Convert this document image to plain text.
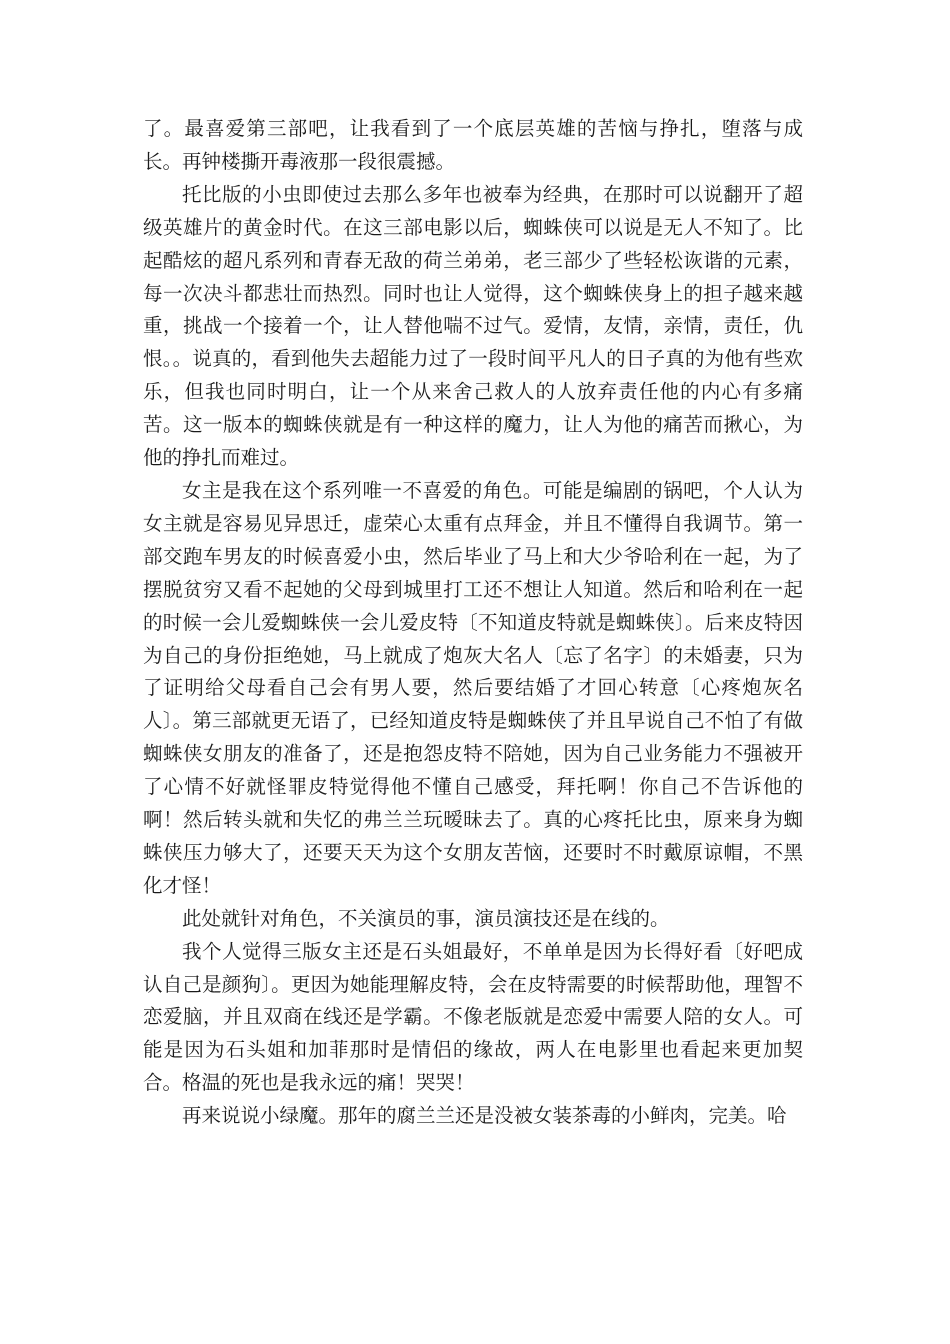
了。最喜爱第三部吧，让我看到了一个底层英雄的苦恼与挣扎，堕落与成长。再钟楼撕开毒液那一段很震撼。

托比版的小虫即使过去那么多年也被奉为经典，在那时可以说翻开了超级英雄片的黄金时代。在这三部电影以后，蜘蛛侠可以说是无人不知了。比起酷炫的超凡系列和青春无敌的荷兰弟弟，老三部少了些轻松诙谐的元素，每一次决斗都悲壮而热烈。同时也让人觉得，这个蜘蛛侠身上的担子越来越重，挑战一个接着一个，让人替他喘不过气。爱情，友情，亲情，责任，仇恨。。说真的，看到他失去超能力过了一段时间平凡人的日子真的为他有些欢乐，但我也同时明白，让一个从来舍己救人的人放弃责任他的内心有多痛苦。这一版本的蜘蛛侠就是有一种这样的魔力，让人为他的痛苦而揪心，为他的挣扎而难过。

女主是我在这个系列唯一不喜爱的角色。可能是编剧的锅吧，个人认为女主就是容易见异思迁，虚荣心太重有点拜金，并且不懂得自我调节。第一部交跑车男友的时候喜爱小虫，然后毕业了马上和大少爷哈利在一起，为了摆脱贫穷又看不起她的父母到城里打工还不想让人知道。然后和哈利在一起的时候一会儿爱蜘蛛侠一会儿爱皮特〔不知道皮特就是蜘蛛侠〕。后来皮特因为自己的身份拒绝她，马上就成了炮灰大名人〔忘了名字〕的未婚妻，只为了证明给父母看自己会有男人要，然后要结婚了才回心转意〔心疼炮灰名人〕。第三部就更无语了，已经知道皮特是蜘蛛侠了并且早说自己不怕了有做蜘蛛侠女朋友的准备了，还是抱怨皮特不陪她，因为自己业务能力不强被开了心情不好就怪罪皮特觉得他不懂自己感受，拜托啊！你自己不告诉他的啊！然后转头就和失忆的弗兰兰玩暧昧去了。真的心疼托比虫，原来身为蜘蛛侠压力够大了，还要天天为这个女朋友苦恼，还要时不时戴原谅帽，不黑化才怪！

此处就针对角色，不关演员的事，演员演技还是在线的。

我个人觉得三版女主还是石头姐最好，不单单是因为长得好看〔好吧成认自己是颜狗〕。更因为她能理解皮特，会在皮特需要的时候帮助他，理智不恋爱脑，并且双商在线还是学霸。不像老版就是恋爱中需要人陪的女人。可能是因为石头姐和加菲那时是情侣的缘故，两人在电影里也看起来更加契合。格温的死也是我永远的痛！哭哭！

再来说说小绿魔。那年的腐兰兰还是没被女装茶毒的小鲜肉，完美。哈
